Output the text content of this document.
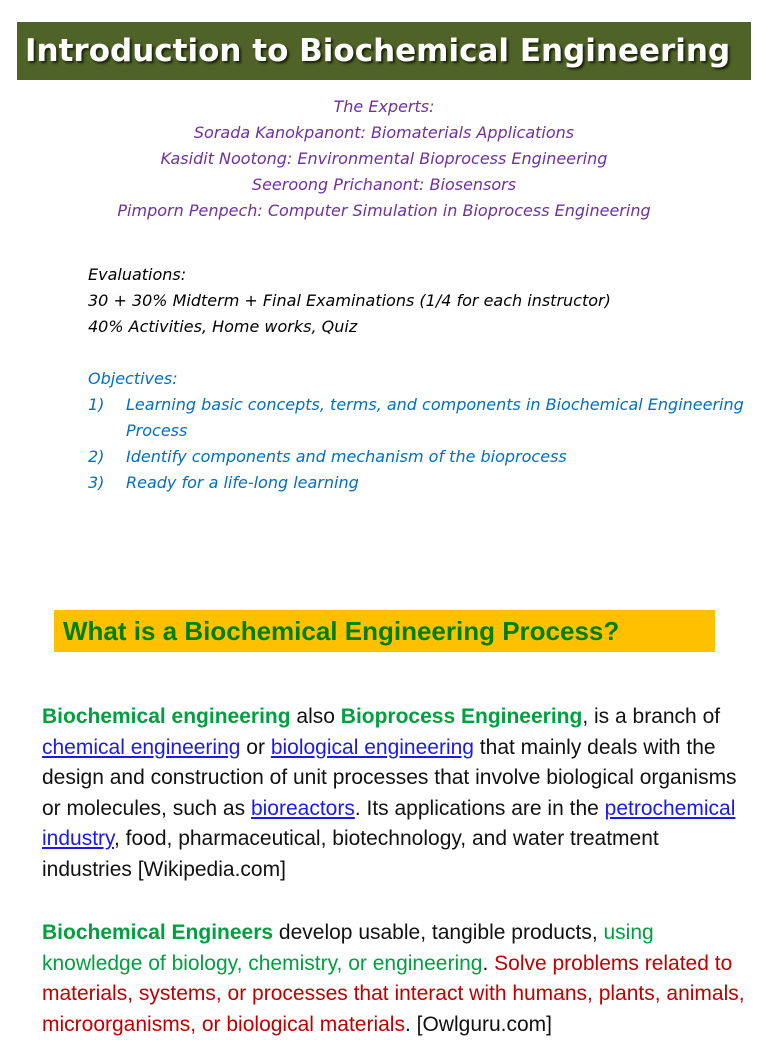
Introduction to Biochemical Engineering
The Experts:
Sorada Kanokpanont: Biomaterials Applications
Kasidit Nootong: Environmental Bioprocess Engineering
Seeroong Prichanont: Biosensors
Pimporn Penpech: Computer Simulation in Bioprocess Engineering
Evaluations:
30 + 30% Midterm + Final Examinations (1/4 for each instructor)
40% Activities, Home works, Quiz
Objectives:
1)	Learning basic concepts, terms, and components in Biochemical Engineering Process
2)	Identify components and mechanism of the bioprocess
3)	Ready for a life-long learning
What is a Biochemical Engineering Process?
Biochemical engineering also Bioprocess Engineering, is a branch of chemical engineering or biological engineering that mainly deals with the design and construction of unit processes that involve biological organisms or molecules, such as bioreactors. Its applications are in the petrochemical industry, food, pharmaceutical, biotechnology, and water treatment industries [Wikipedia.com]
Biochemical Engineers develop usable, tangible products, using knowledge of biology, chemistry, or engineering. Solve problems related to materials, systems, or processes that interact with humans, plants, animals, microorganisms, or biological materials. [Owlguru.com]
